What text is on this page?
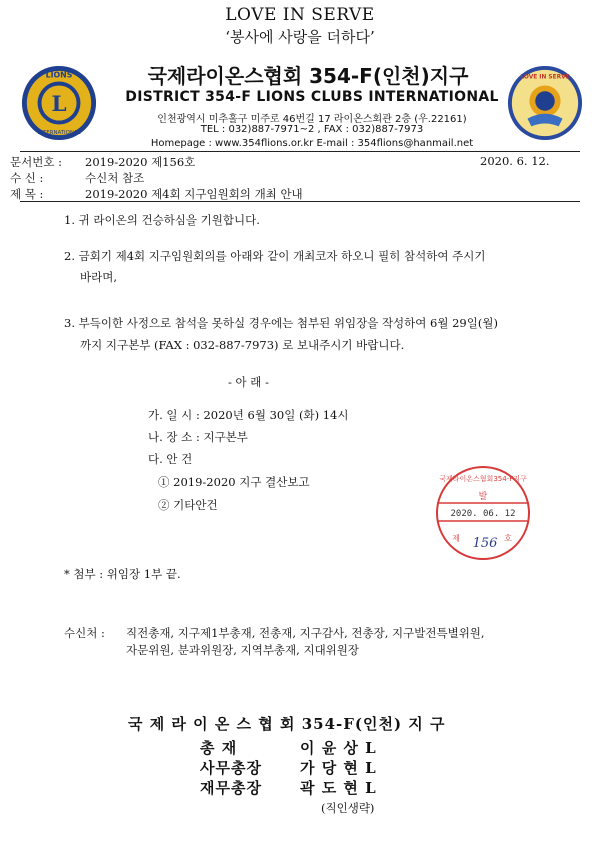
LOVE IN SERVE
‘봉사에 사랑을 더하다’
L
LIONS
INTERNATIONAL
국제라이온스협회 354-F(인천)지구
DISTRICT 354-F LIONS CLUBS INTERNATIONAL
인천광역시 미추홀구 미주로 46번길 17 라이온스회관 2층 (우.22161)
TEL : 032)887-7971~2 , FAX : 032)887-7973
Homepage : www.354flions.or.kr E-mail : 354flions@hanmail.net
LOVE IN SERVE
문서번호 : 2019-2020 제156호	2020. 6. 12.
수 신 :	수신처 참조
제 목 :	2019-2020 제4회 지구임원회의 개최 안내
1. 귀 라이온의 건승하심을 기원합니다.
2. 금회기 제4회 지구임원회의를 아래와 같이 개최코자 하오니 필히 참석하여 주시기
바라며,
3. 부득이한 사정으로 참석을 못하실 경우에는 첨부된 위임장을 작성하여 6월 29일(월)
까지 지구본부 (FAX : 032-887-7973) 로 보내주시기 바랍니다.
- 아 래 -
가. 일 시 : 2020년 6월 30일 (화) 14시
나. 장 소 : 지구본부
다. 안 건
① 2019-2020 지구 결산보고
② 기타안건
국제라이온스협회354-F지구
발
2020. 06. 12
제	호
156
* 첨부 : 위임장 1부 끝.
수신처 : 직전총재, 지구제1부총재, 전총재, 지구감사, 전총장, 지구발전특별위원,
자문위원, 분과위원장, 지역부총재, 지대위원장
국 제 라 이 온 스 협 회 354-F(인천) 지 구
총 재	이 윤 상 L
사무총장	가 당 현 L
재무총장	곽 도 현 L
(직인생략)
